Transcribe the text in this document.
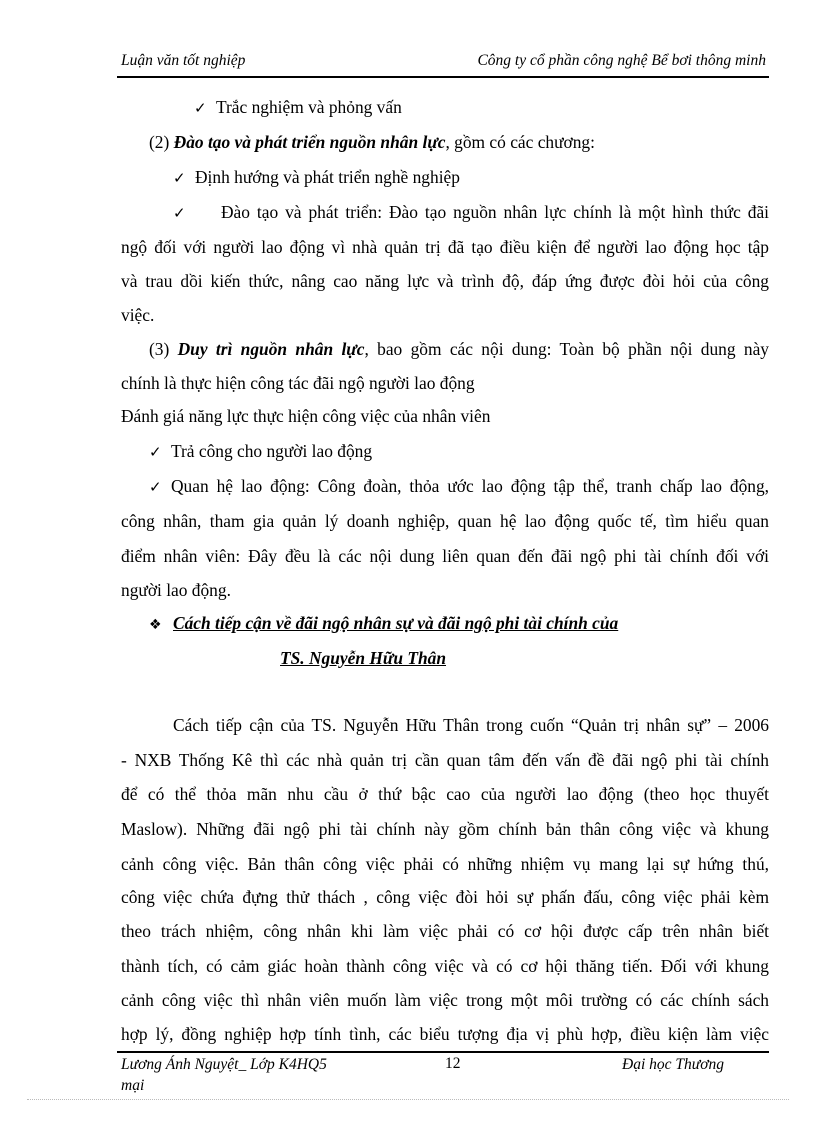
Luận văn tốt nghiệp	Công ty cổ phần công nghệ Bể bơi thông minh
✓ Trắc nghiệm và phỏng vấn
(2) Đào tạo và phát triển nguồn nhân lực, gồm có các chương:
✓ Định hướng và phát triển nghề nghiệp
✓ Đào tạo và phát triển: Đào tạo nguồn nhân lực chính là một hình thức đãi
ngộ đối với người lao động vì nhà quản trị đã tạo điều kiện để người lao động học tập
và trau dồi kiến thức, nâng cao năng lực và trình độ, đáp ứng được đòi hỏi của công
việc.
(3) Duy trì nguồn nhân lực, bao gồm các nội dung: Toàn bộ phần nội dung này
chính là thực hiện công tác đãi ngộ người lao động
Đánh giá năng lực thực hiện công việc của nhân viên
✓ Trả công cho người lao động
✓ Quan hệ lao động: Công đoàn, thỏa ước lao động tập thể, tranh chấp lao động,
công nhân, tham gia quản lý doanh nghiệp, quan hệ lao động quốc tế, tìm hiểu quan
điểm nhân viên: Đây đều là các nội dung liên quan đến đãi ngộ phi tài chính đối với
người lao động.
❖ Cách tiếp cận về đãi ngộ nhân sự và đãi ngộ phi tài chính của
TS. Nguyễn Hữu Thân
Cách tiếp cận của TS. Nguyễn Hữu Thân trong cuốn “Quản trị nhân sự” – 2006
- NXB Thống Kê thì các nhà quản trị cần quan tâm đến vấn đề đãi ngộ phi tài chính
để có thể thỏa mãn nhu cầu ở thứ bậc cao của người lao động (theo học thuyết
Maslow). Những đãi ngộ phi tài chính này gồm chính bản thân công việc và khung
cảnh công việc. Bản thân công việc phải có những nhiệm vụ mang lại sự hứng thú,
công việc chứa đựng thử thách , công việc đòi hỏi sự phấn đấu, công việc phải kèm
theo trách nhiệm, công nhân khi làm việc phải có cơ hội được cấp trên nhân biết
thành tích, có cảm giác hoàn thành công việc và có cơ hội thăng tiến. Đối với khung
cảnh công việc thì nhân viên muốn làm việc trong một môi trường có các chính sách
hợp lý, đồng nghiệp hợp tính tình, các biểu tượng địa vị phù hợp, điều kiện làm việc
Lương Ánh Nguyệt_ Lớp K4HQ5
mại
12	Đại học Thương
